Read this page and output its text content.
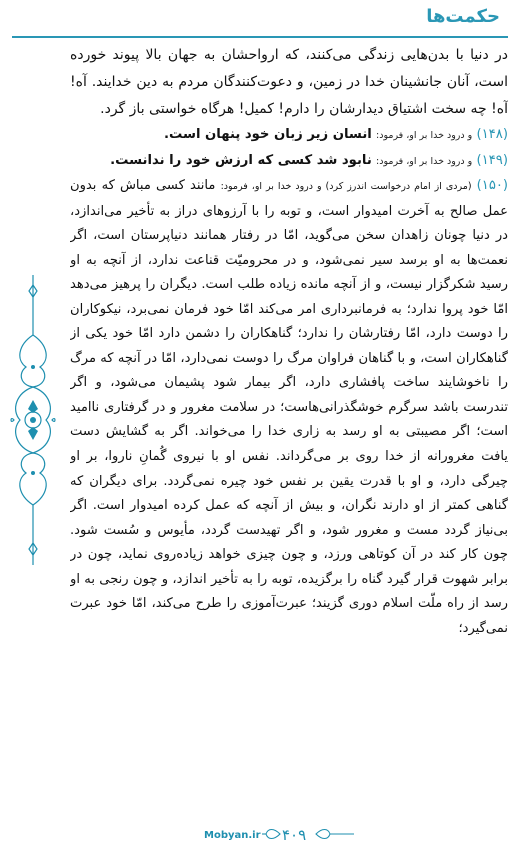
حکمت‌ها

در دنیا با بدن‌هایی زندگی می‌کنند، که ارواحشان به جهان بالا پیوند خورده است، آنان جانشینان خدا در زمین، و دعوت‌کنندگان مردم به دین خدایند. آه! آه! چه سخت اشتیاق دیدارشان را دارم! کمیل! هرگاه خواستی باز گرد.

(۱۴۸) و درود خدا بر او، فرمود: انسان زیر زبان خود پنهان است.

(۱۴۹) و درود خدا بر او، فرمود: نابود شد کسی که ارزش خود را ندانست.

(۱۵۰) (مردی از امام درخواست اندرز کرد) و درود خدا بر او، فرمود: مانند کسی مباش که بدون عمل صالح به آخرت امیدوار است، و توبه را با آرزوهای دراز به تأخیر می‌اندازد، در دنیا چونان زاهدان سخن می‌گوید، امّا در رفتار همانند دنیاپرستان است، اگر نعمت‌ها به او برسد سیر نمی‌شود، و در محرومیّت قناعت ندارد، از آنچه به او رسید شکرگزار نیست، و از آنچه مانده زیاده طلب است. دیگران را پرهیز می‌دهد امّا خود پروا ندارد؛ به فرمانبرداری امر می‌کند امّا خود فرمان نمی‌برد، نیکوکاران را دوست دارد، امّا رفتارشان را ندارد؛ گناهکاران را دشمن دارد امّا خود یکی از گناهکاران است، و با گناهان فراوان مرگ را دوست نمی‌دارد، امّا در آنچه که مرگ را ناخوشایند ساخت پافشاری دارد، اگر بیمار شود پشیمان می‌شود، و اگر تندرست باشد سرگرم خوشگذرانی‌هاست؛ در سلامت مغرور و در گرفتاری ناامید است؛ اگر مصیبتی به او رسد به زاری خدا را می‌خواند. اگر به گشایش دست یافت مغرورانه از خدا روی بر می‌گرداند. نفس او با نیروی گُمانِ ناروا، بر او چیرگی دارد، و او با قدرت یقین بر نفس خود چیره نمی‌گردد. برای دیگران که گناهی کمتر از او دارند نگران، و بیش از آنچه که عمل کرده امیدوار است. اگر بی‌نیاز گردد مست و مغرور شود، و اگر تهیدست گردد، مأیوس و سُست شود. چون کار کند در آن کوتاهی ورزد، و چون چیزی خواهد زیاده‌روی نماید، چون در برابر شهوت قرار گیرد گناه را برگزیده، توبه را به تأخیر اندازد، و چون رنجی به او رسد از راه ملّت اسلام دوری گزیند؛ عبرت‌آموزی را طرح می‌کند، امّا خود عبرت نمی‌گیرد؛

Mobyan.ir ۴۰۹
